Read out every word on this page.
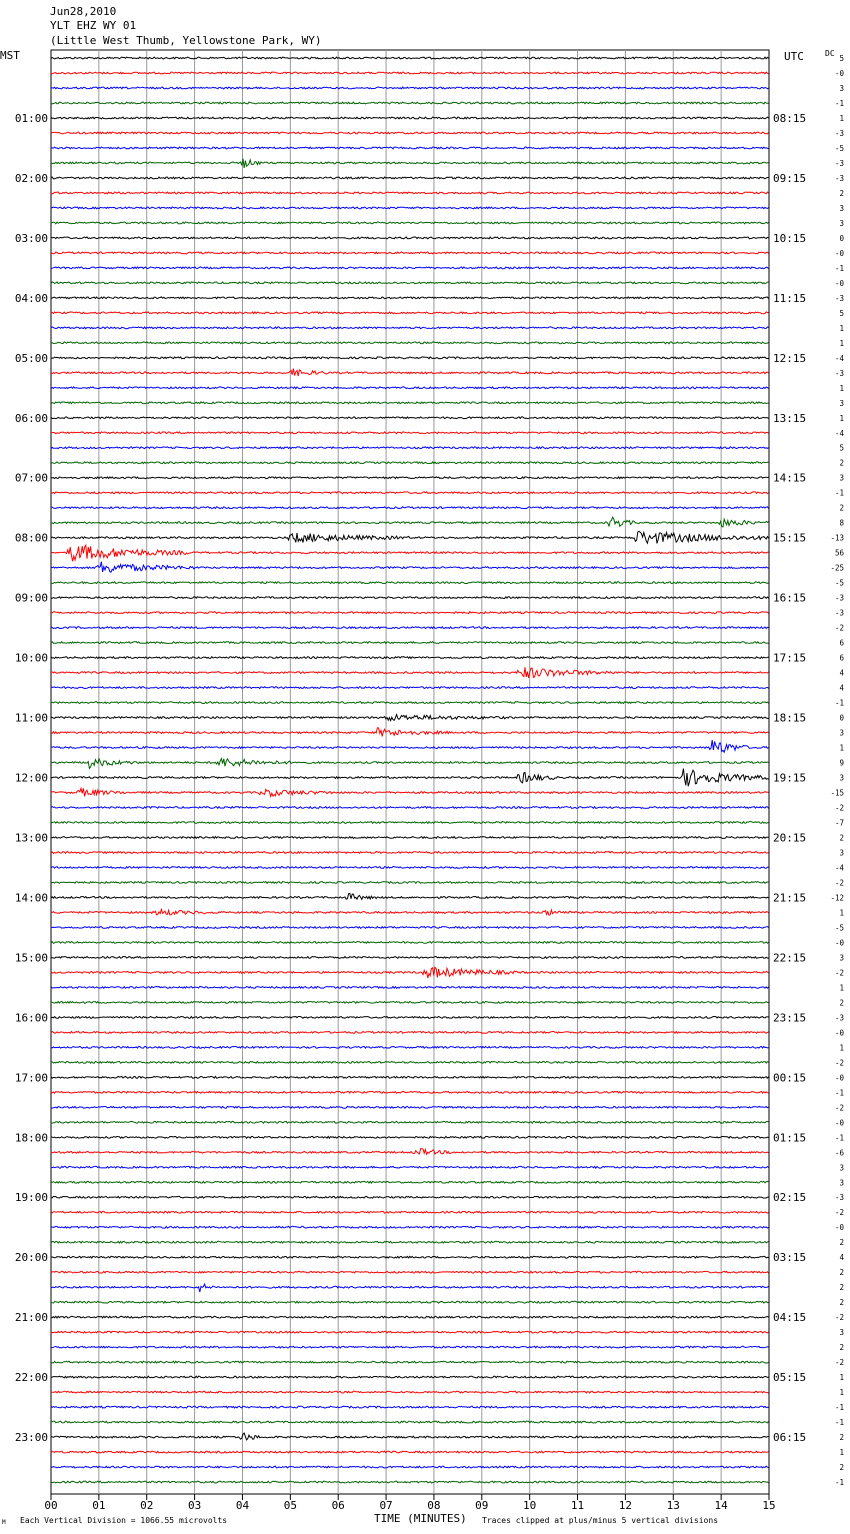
Jun28,2010
YLT EHZ WY 01
(Little West Thumb, Yellowstone Park, WY)
MST	UTC	DC
00	01	02	03	04	05	06	07	08	09	10	11	12	13	14	15
5
-0
3
-1
1
-3
-5
-3
-3
2
3
3
0
-0
-1
-0
-3
5
1
1
-4
-3
1
3
1
-4
5
2
3
-1
2
8
-13
56
-25
-5
-3
-3
-2
6
6
4
4
-1
0
3
1
9
3
-15
-2
-7
2
3
-4
-2
-12
1
-5
-0
3
-2
1
2
-3
-0
1
-2
-0
-1
-2
-0
-1
-6
3
3
-3
-2
-0
2
4
2
2
2
-2
3
2
-2
1
1
-1
-1
2
1
2
-1
01:00
02:00
03:00
04:00
05:00
06:00
07:00
08:00
09:00
10:00
11:00
12:00
13:00
14:00
15:00
16:00
17:00
18:00
19:00
20:00
21:00
22:00
23:00
08:15
09:15
10:15
11:15
12:15
13:15
14:15
15:15
16:15
17:15
18:15
19:15
20:15
21:15
22:15
23:15
00:15
01:15
02:15
03:15
04:15
05:15
06:15
Each Vertical Division = 1066.55 microvolts	TIME (MINUTES) Traces clipped at plus/minus 5 vertical divisions
M
